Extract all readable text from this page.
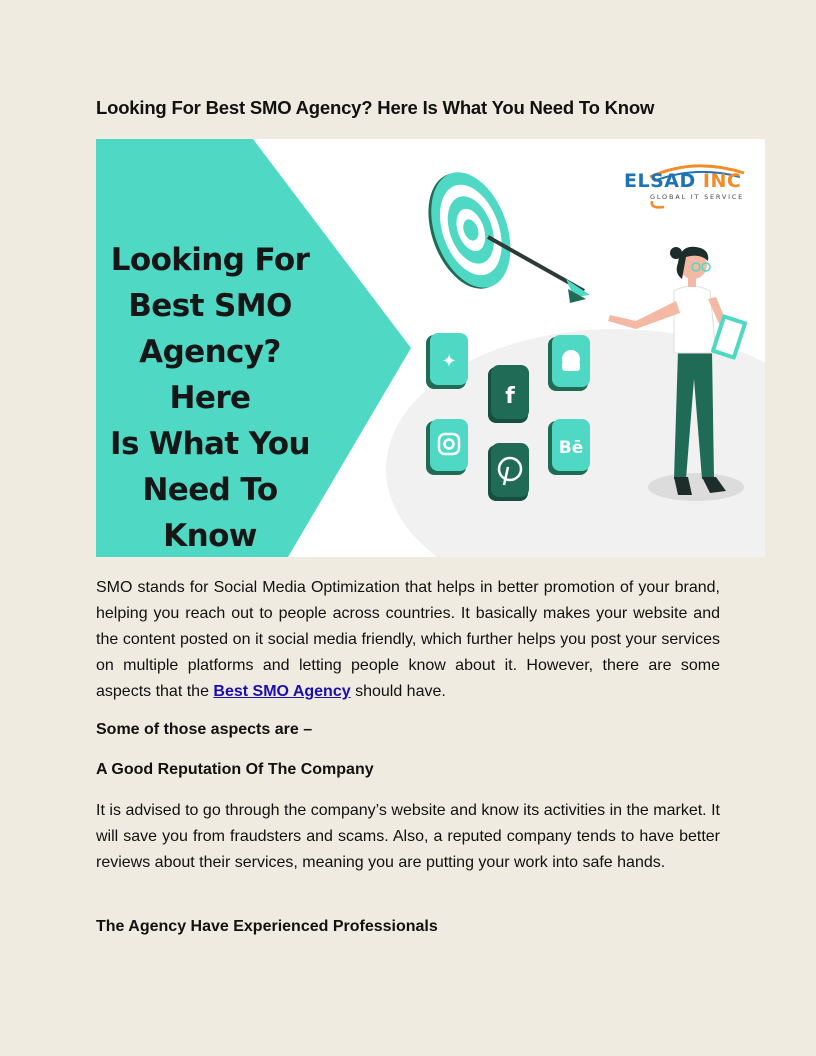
Looking For Best SMO Agency? Here Is What You Need To Know
✦
f
Bē
Looking For
Best SMO
Agency? Here
Is What You
Need To
Know
ELSAD INC
GLOBAL IT SERVICE

SMO stands for Social Media Optimization that helps in better promotion of your brand, helping you reach out to people across countries. It basically makes your website and the content posted on it social media friendly, which further helps you post your services on multiple platforms and letting people know about it. However, there are some aspects that the Best SMO Agency should have.

Some of those aspects are –
A Good Reputation Of The Company

It is advised to go through the company’s website and know its activities in the market. It will save you from fraudsters and scams. Also, a reputed company tends to have better reviews about their services, meaning you are putting your work into safe hands.

The Agency Have Experienced Professionals
